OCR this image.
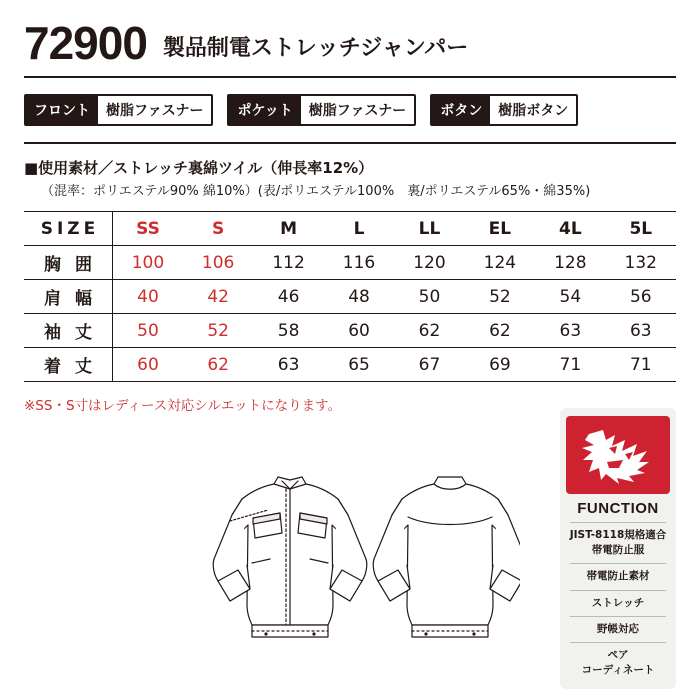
72900 製品制電ストレッチジャンパー
フロント	樹脂ファスナー	ポケット	樹脂ファスナー	ボタン	樹脂ボタン
■使用素材／ストレッチ裏綿ツイル（伸長率12%）
（混率：ポリエステル90% 綿10%）(表/ポリエステル100%　裏/ポリエステル65%・綿35%)
SIZE	SS	S	M	L	LL	EL	4L	5L
胸 囲	100	106	112	116	120	124	128	132
肩 幅	40	42	46	48	50	52	54	56
袖 丈	50	52	58	60	62	62	63	63
着 丈	60	62	63	65	67	69	71	71
※SS・S寸はレディース対応シルエットになります。
FUNCTION
JIST-8118規格適合
帯電防止服
帯電防止素材
ストレッチ
野帳対応
ペア
コーディネート
